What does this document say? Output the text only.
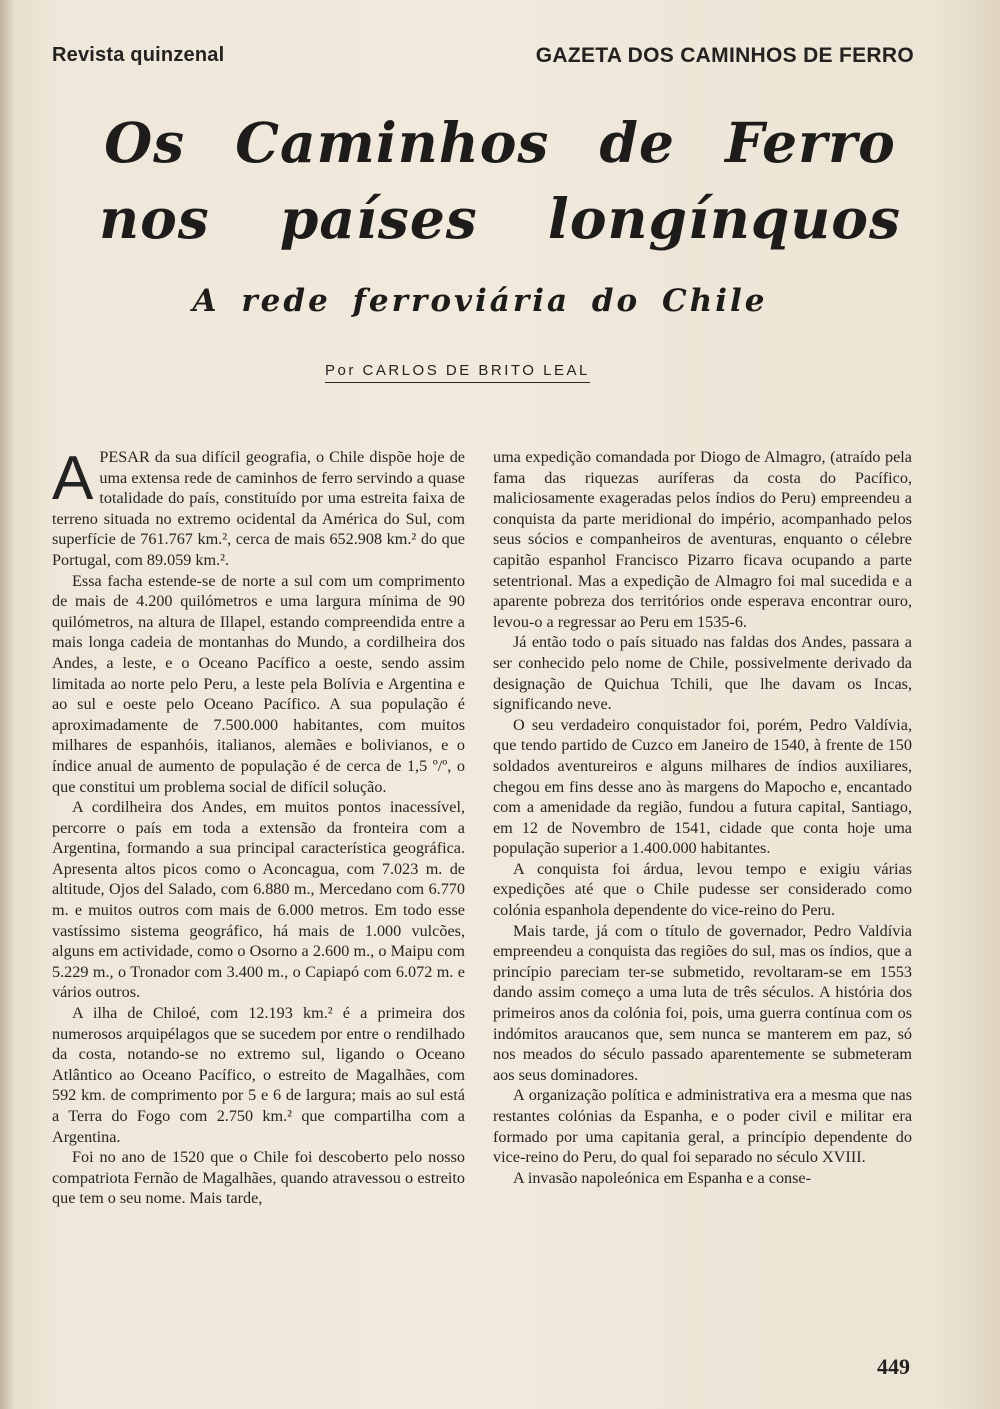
Revista quinzenal	GAZETA DOS CAMINHOS DE FERRO
Os Caminhos de Ferro
nos países longínquos
A rede ferroviária do Chile
Por CARLOS DE BRITO LEAL

APESAR da sua difícil geografia, o Chile dispõe hoje de uma extensa rede de caminhos de ferro servindo a quase totalidade do país, constituído por uma estreita faixa de terreno situada no extremo ocidental da América do Sul, com superfície de 761.767 km.², cerca de mais 652.908 km.² do que Portugal, com 89.059 km.².

Essa facha estende-se de norte a sul com um comprimento de mais de 4.200 quilómetros e uma largura mínima de 90 quilómetros, na altura de Illapel, estando compreendida entre a mais longa cadeia de montanhas do Mundo, a cordilheira dos Andes, a leste, e o Oceano Pacífico a oeste, sendo assim limitada ao norte pelo Peru, a leste pela Bolívia e Argentina e ao sul e oeste pelo Oceano Pacífico. A sua população é aproximadamente de 7.500.000 habitantes, com muitos milhares de espanhóis, italianos, alemães e bolivianos, e o índice anual de aumento de população é de cerca de 1,5 º/º, o que constitui um problema social de difícil solução.

A cordilheira dos Andes, em muitos pontos inacessível, percorre o país em toda a extensão da fronteira com a Argentina, formando a sua principal característica geográfica. Apresenta altos picos como o Aconcagua, com 7.023 m. de altitude, Ojos del Salado, com 6.880 m., Mercedano com 6.770 m. e muitos outros com mais de 6.000 metros. Em todo esse vastíssimo sistema geográfico, há mais de 1.000 vulcões, alguns em actividade, como o Osorno a 2.600 m., o Maipu com 5.229 m., o Tronador com 3.400 m., o Capiapó com 6.072 m. e vários outros.

A ilha de Chiloé, com 12.193 km.² é a primeira dos numerosos arquipélagos que se sucedem por entre o rendilhado da costa, notando-se no extremo sul, ligando o Oceano Atlântico ao Oceano Pacífico, o estreito de Magalhães, com 592 km. de comprimento por 5 e 6 de largura; mais ao sul está a Terra do Fogo com 2.750 km.² que compartilha com a Argentina.

Foi no ano de 1520 que o Chile foi descoberto pelo nosso compatriota Fernão de Magalhães, quando atravessou o estreito que tem o seu nome. Mais tarde,

uma expedição comandada por Diogo de Almagro, (atraído pela fama das riquezas auríferas da costa do Pacífico, maliciosamente exageradas pelos índios do Peru) empreendeu a conquista da parte meridional do império, acompanhado pelos seus sócios e companheiros de aventuras, enquanto o célebre capitão espanhol Francisco Pizarro ficava ocupando a parte setentrional. Mas a expedição de Almagro foi mal sucedida e a aparente pobreza dos territórios onde esperava encontrar ouro, levou-o a regressar ao Peru em 1535-6.

Já então todo o país situado nas faldas dos Andes, passara a ser conhecido pelo nome de Chile, possivelmente derivado da designação de Quichua Tchili, que lhe davam os Incas, significando neve.

O seu verdadeiro conquistador foi, porém, Pedro Valdívia, que tendo partido de Cuzco em Janeiro de 1540, à frente de 150 soldados aventureiros e alguns milhares de índios auxiliares, chegou em fins desse ano às margens do Mapocho e, encantado com a amenidade da região, fundou a futura capital, Santiago, em 12 de Novembro de 1541, cidade que conta hoje uma população superior a 1.400.000 habitantes.

A conquista foi árdua, levou tempo e exigiu várias expedições até que o Chile pudesse ser considerado como colónia espanhola dependente do vice-reino do Peru.

Mais tarde, já com o título de governador, Pedro Valdívia empreendeu a conquista das regiões do sul, mas os índios, que a princípio pareciam ter-se submetido, revoltaram-se em 1553 dando assim começo a uma luta de três séculos. A história dos primeiros anos da colónia foi, pois, uma guerra contínua com os indómitos araucanos que, sem nunca se manterem em paz, só nos meados do século passado aparentemente se submeteram aos seus dominadores.

A organização política e administrativa era a mesma que nas restantes colónias da Espanha, e o poder civil e militar era formado por uma capitania geral, a princípio dependente do vice-reino do Peru, do qual foi separado no século XVIII.

A invasão napoleónica em Espanha e a conse-

449
